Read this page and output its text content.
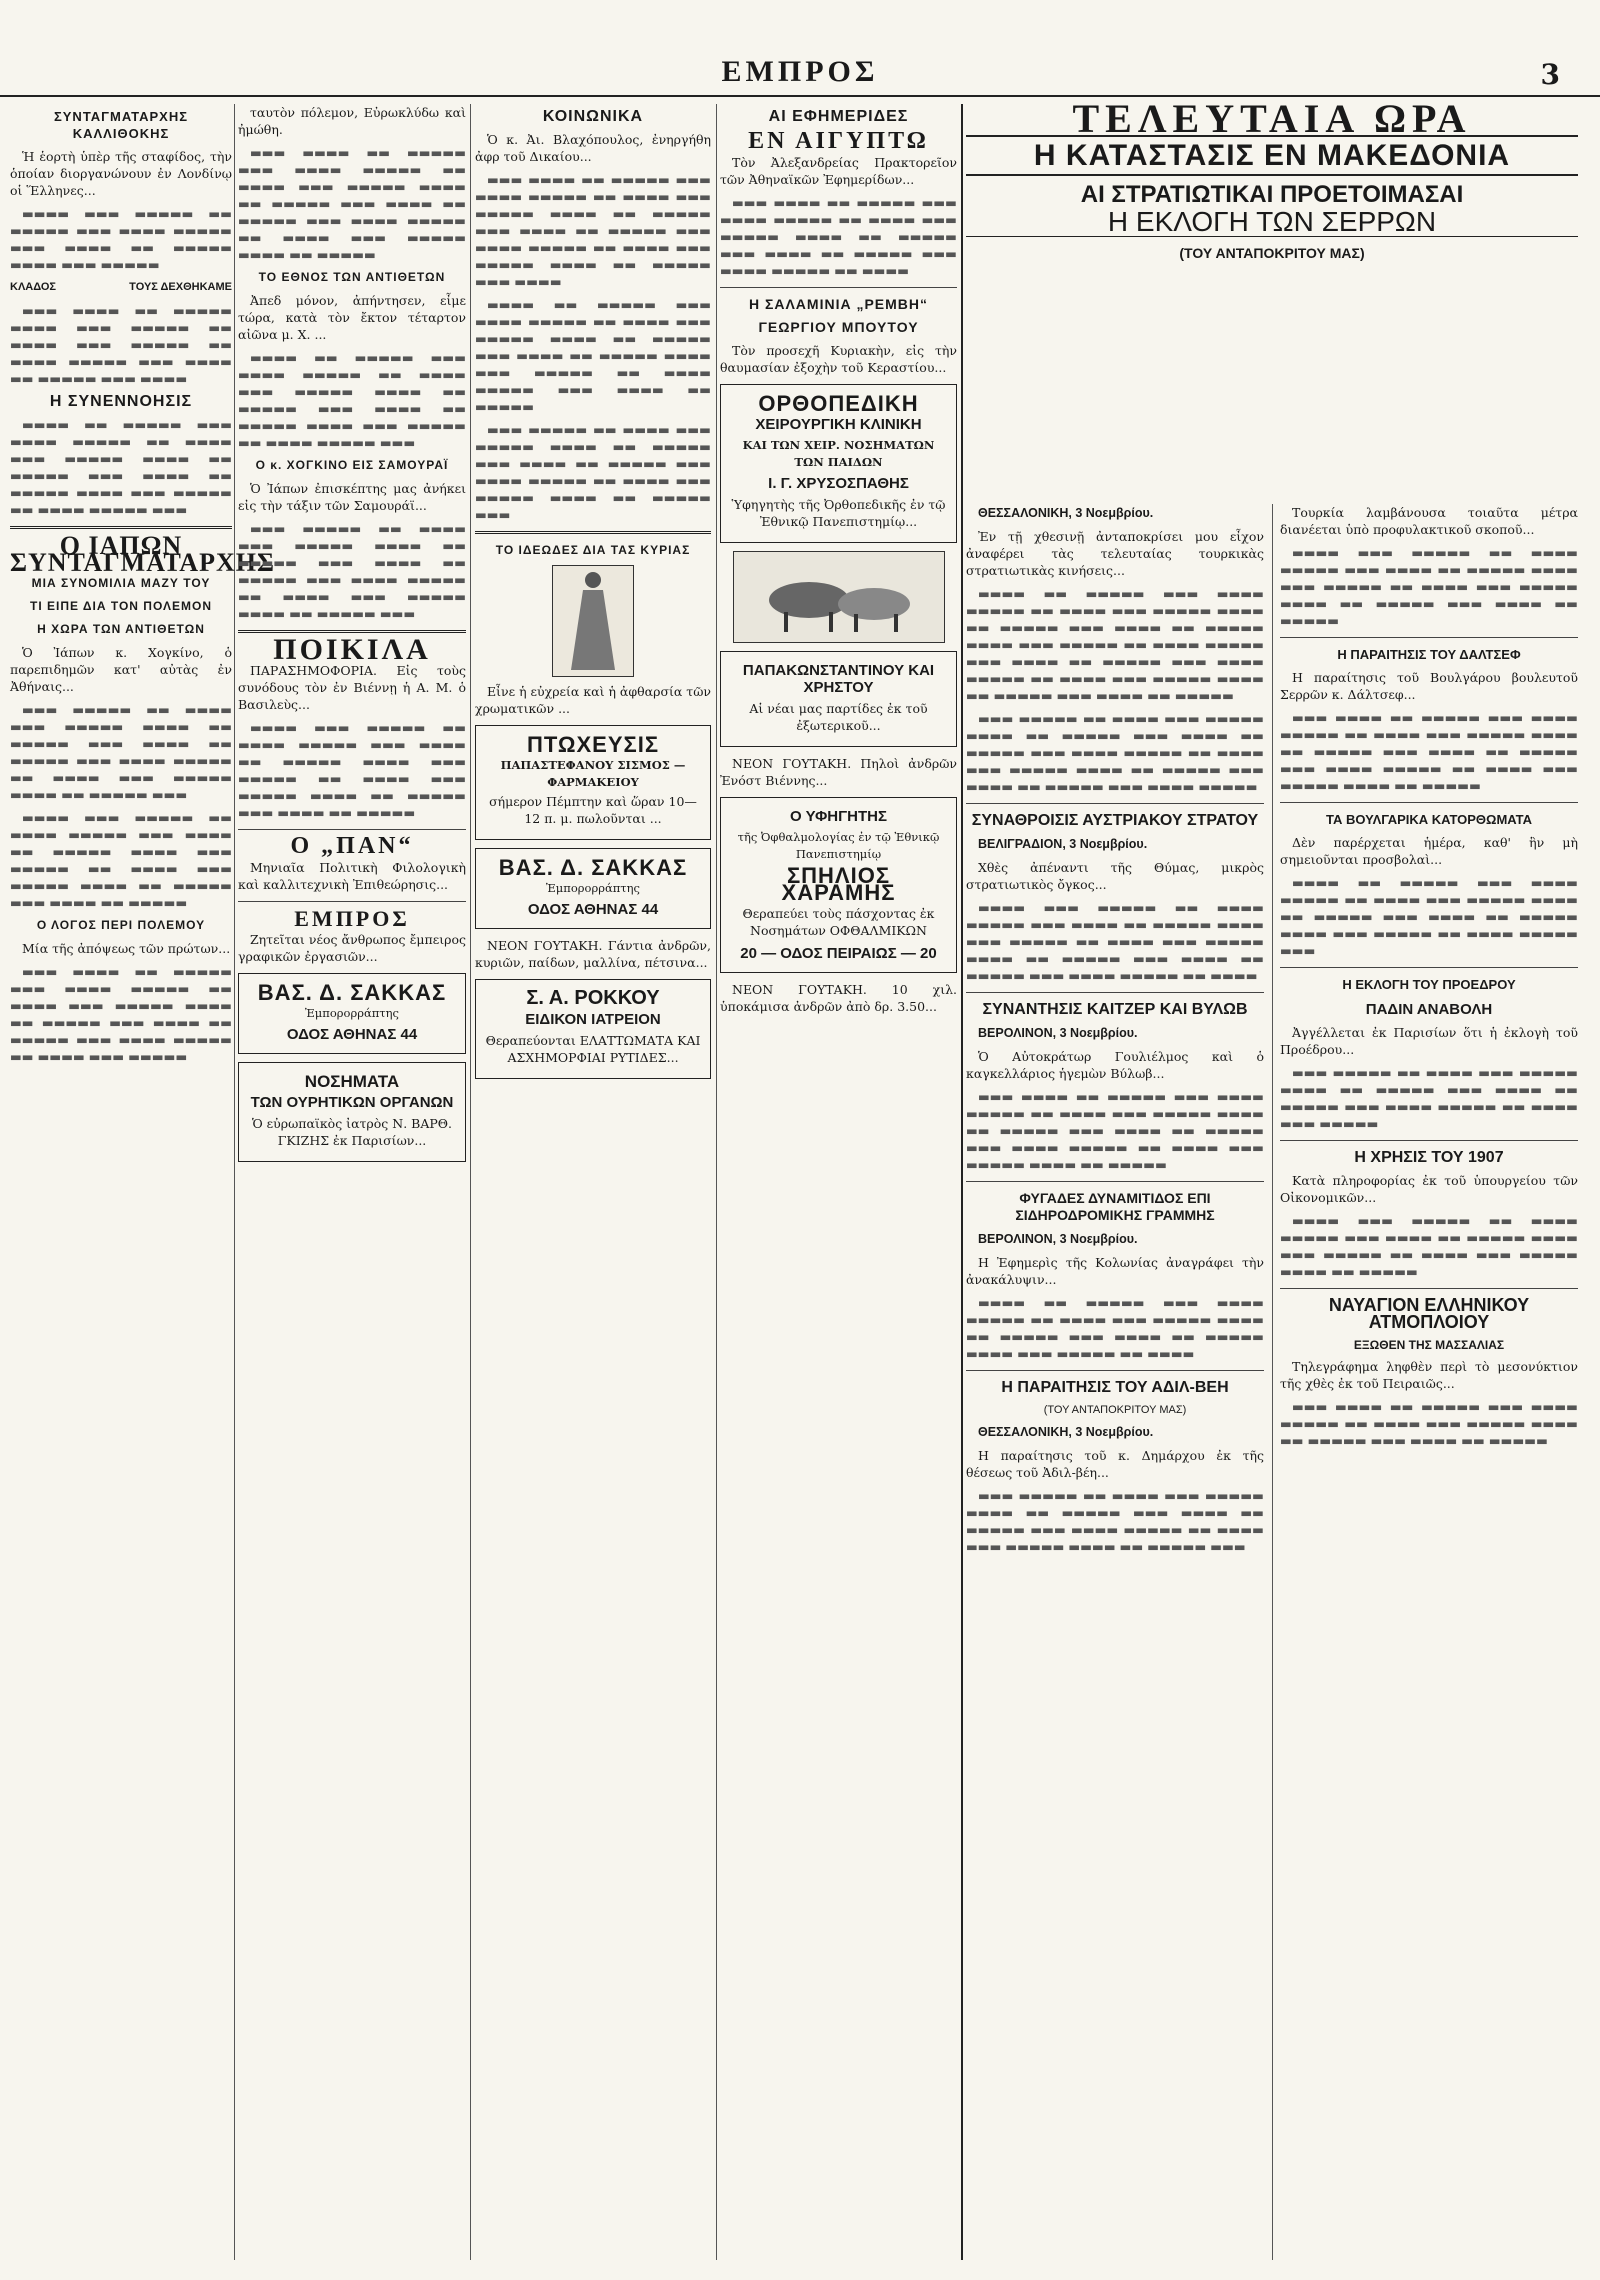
ΕΜΠΡΟΣ	3
ΣΥΝΤΑΓΜΑΤΑΡΧΗΣ ΚΑΛΛΙΘΟΚΗΣ

Ἡ ἑορτὴ ὑπὲρ τῆς σταφίδος, τὴν ὁποίαν διοργανώνουν ἐν Λονδίνῳ οἱ Ἕλληνες...

▬▬▬▬ ▬▬▬ ▬▬▬▬▬ ▬▬ ▬▬▬▬▬ ▬▬▬ ▬▬▬▬ ▬▬▬▬▬ ▬▬▬ ▬▬▬▬ ▬▬ ▬▬▬▬▬ ▬▬▬▬ ▬▬▬ ▬▬▬▬▬

ΚΛΑΔΟΣ	ΤΟΥΣ ΔΕΧΘΗΚΑΜΕ

▬▬▬ ▬▬▬▬ ▬▬ ▬▬▬▬▬ ▬▬▬▬ ▬▬▬ ▬▬▬▬▬ ▬▬ ▬▬▬▬ ▬▬▬ ▬▬▬▬▬ ▬▬ ▬▬▬▬ ▬▬▬▬▬ ▬▬▬ ▬▬▬▬ ▬▬ ▬▬▬▬▬ ▬▬▬ ▬▬▬▬

Η ΣΥΝΕΝΝΟΗΣΙΣ

▬▬▬▬ ▬▬ ▬▬▬▬▬ ▬▬▬ ▬▬▬▬ ▬▬▬▬▬ ▬▬ ▬▬▬▬ ▬▬▬ ▬▬▬▬▬ ▬▬▬▬ ▬▬ ▬▬▬▬▬ ▬▬▬ ▬▬▬▬ ▬▬ ▬▬▬▬▬ ▬▬▬▬ ▬▬▬ ▬▬▬▬▬ ▬▬ ▬▬▬▬ ▬▬▬▬▬ ▬▬▬

Ο ΙΑΠΩΝ ΣΥΝΤΑΓΜΑΤΑΡΧΗΣ
ΜΙΑ ΣΥΝΟΜΙΛΙΑ ΜΑΖΥ ΤΟΥ
ΤΙ ΕΙΠΕ ΔΙΑ ΤΟΝ ΠΟΛΕΜΟΝ
Η ΧΩΡΑ ΤΩΝ ΑΝΤΙΘΕΤΩΝ

Ὁ Ἰάπων κ. Χογκίνο, ὁ παρεπιδημῶν κατ' αὐτὰς ἐν Ἀθήναις...

▬▬▬ ▬▬▬▬▬ ▬▬ ▬▬▬▬ ▬▬▬ ▬▬▬▬▬ ▬▬▬▬ ▬▬ ▬▬▬▬▬ ▬▬▬ ▬▬▬▬ ▬▬ ▬▬▬▬▬ ▬▬▬ ▬▬▬▬ ▬▬▬▬▬ ▬▬ ▬▬▬▬ ▬▬▬ ▬▬▬▬▬ ▬▬▬▬ ▬▬ ▬▬▬▬▬ ▬▬▬

▬▬▬▬ ▬▬▬ ▬▬▬▬▬ ▬▬ ▬▬▬▬ ▬▬▬▬▬ ▬▬▬ ▬▬▬▬ ▬▬ ▬▬▬▬▬ ▬▬▬▬ ▬▬▬ ▬▬▬▬▬ ▬▬ ▬▬▬▬ ▬▬▬ ▬▬▬▬▬ ▬▬▬▬ ▬▬ ▬▬▬▬▬ ▬▬▬ ▬▬▬▬ ▬▬ ▬▬▬▬▬

Ο ΛΟΓΟΣ ΠΕΡΙ ΠΟΛΕΜΟΥ

Μία τῆς ἀπόψεως τῶν πρώτων...

▬▬▬ ▬▬▬▬ ▬▬ ▬▬▬▬▬ ▬▬▬ ▬▬▬▬ ▬▬▬▬▬ ▬▬ ▬▬▬▬ ▬▬▬ ▬▬▬▬▬ ▬▬▬▬ ▬▬ ▬▬▬▬▬ ▬▬▬ ▬▬▬▬ ▬▬ ▬▬▬▬▬ ▬▬▬ ▬▬▬▬ ▬▬▬▬▬ ▬▬ ▬▬▬▬ ▬▬▬ ▬▬▬▬▬

ταυτὸν πόλεμον, Εὐρωκλύδω καὶ ἠμώθη.

▬▬▬ ▬▬▬▬ ▬▬ ▬▬▬▬▬ ▬▬▬ ▬▬▬▬ ▬▬▬▬▬ ▬▬ ▬▬▬▬ ▬▬▬ ▬▬▬▬▬ ▬▬▬▬ ▬▬ ▬▬▬▬▬ ▬▬▬ ▬▬▬▬ ▬▬ ▬▬▬▬▬ ▬▬▬ ▬▬▬▬ ▬▬▬▬▬ ▬▬ ▬▬▬▬ ▬▬▬ ▬▬▬▬▬ ▬▬▬▬ ▬▬ ▬▬▬▬▬

ΤΟ ΕΘΝΟΣ ΤΩΝ ΑΝΤΙΘΕΤΩΝ

Ἀπεδ μόνον, ἀπήντησεν, εἶμε τώρα, κατὰ τὸν ἔκτον τέταρτον αἰῶνα μ. Χ. ...

▬▬▬▬ ▬▬ ▬▬▬▬▬ ▬▬▬ ▬▬▬▬ ▬▬▬▬▬ ▬▬ ▬▬▬▬ ▬▬▬ ▬▬▬▬▬ ▬▬▬▬ ▬▬ ▬▬▬▬▬ ▬▬▬ ▬▬▬▬ ▬▬ ▬▬▬▬▬ ▬▬▬▬ ▬▬▬ ▬▬▬▬▬ ▬▬ ▬▬▬▬ ▬▬▬▬▬ ▬▬▬

Ο κ. ΧΟΓΚΙΝΟ ΕΙΣ ΣΑΜΟΥΡΑΪ

Ὁ Ἰάπων ἐπισκέπτης μας ἀνήκει εἰς τὴν τάξιν τῶν Σαμουράϊ...

▬▬▬ ▬▬▬▬▬ ▬▬ ▬▬▬▬ ▬▬▬ ▬▬▬▬▬ ▬▬▬▬ ▬▬ ▬▬▬▬▬ ▬▬▬ ▬▬▬▬ ▬▬ ▬▬▬▬▬ ▬▬▬ ▬▬▬▬ ▬▬▬▬▬ ▬▬ ▬▬▬▬ ▬▬▬ ▬▬▬▬▬ ▬▬▬▬ ▬▬ ▬▬▬▬▬ ▬▬▬

ΠΟΙΚΙΛΑ

ΠΑΡΑΣΗΜΟΦΟΡΙΑ. Εἰς τοὺς συνόδους τὸν ἐν Βιέννῃ ἡ Α. Μ. ὁ Βασιλεὺς...

▬▬▬▬ ▬▬▬ ▬▬▬▬▬ ▬▬ ▬▬▬▬ ▬▬▬▬▬ ▬▬▬ ▬▬▬▬ ▬▬ ▬▬▬▬▬ ▬▬▬▬ ▬▬▬ ▬▬▬▬▬ ▬▬ ▬▬▬▬ ▬▬▬ ▬▬▬▬▬ ▬▬▬▬ ▬▬ ▬▬▬▬▬ ▬▬▬ ▬▬▬▬ ▬▬ ▬▬▬▬▬

Ο „ΠΑΝ“

Μηνιαῖα Πολιτικὴ Φιλολογικὴ καὶ καλλιτεχνικὴ Ἐπιθεώρησις...

ΕΜΠΡΟΣ

Ζητεῖται νέος ἄνθρωπος ἔμπειρος γραφικῶν ἐργασιῶν...

ΒΑΣ. Δ. ΣΑΚΚΑΣ
Ἐμπορορράπτης
ΟΔΟΣ ΑΘΗΝΑΣ 44
ΝΟΣΗΜΑΤΑ
ΤΩΝ ΟΥΡΗΤΙΚΩΝ ΟΡΓΑΝΩΝ

Ὁ εὐρωπαϊκὸς ἰατρὸς Ν. ΒΑΡΘ. ΓΚΙΖΗΣ ἐκ Παρισίων...

ΚΟΙΝΩΝΙΚΑ

Ὁ κ. Ἀι. Βλαχόπουλος, ἐνηργήθη ἀφρ τοῦ Δικαίου...

▬▬▬ ▬▬▬▬ ▬▬ ▬▬▬▬▬ ▬▬▬ ▬▬▬▬ ▬▬▬▬▬ ▬▬ ▬▬▬▬ ▬▬▬ ▬▬▬▬▬ ▬▬▬▬ ▬▬ ▬▬▬▬▬ ▬▬▬ ▬▬▬▬ ▬▬ ▬▬▬▬▬ ▬▬▬ ▬▬▬▬ ▬▬▬▬▬ ▬▬ ▬▬▬▬ ▬▬▬ ▬▬▬▬▬ ▬▬▬▬ ▬▬ ▬▬▬▬▬ ▬▬▬ ▬▬▬▬

▬▬▬▬ ▬▬ ▬▬▬▬▬ ▬▬▬ ▬▬▬▬ ▬▬▬▬▬ ▬▬ ▬▬▬▬ ▬▬▬ ▬▬▬▬▬ ▬▬▬▬ ▬▬ ▬▬▬▬▬ ▬▬▬ ▬▬▬▬ ▬▬ ▬▬▬▬▬ ▬▬▬▬ ▬▬▬ ▬▬▬▬▬ ▬▬ ▬▬▬▬ ▬▬▬▬▬ ▬▬▬ ▬▬▬▬ ▬▬ ▬▬▬▬▬

▬▬▬ ▬▬▬▬▬ ▬▬ ▬▬▬▬ ▬▬▬ ▬▬▬▬▬ ▬▬▬▬ ▬▬ ▬▬▬▬▬ ▬▬▬ ▬▬▬▬ ▬▬ ▬▬▬▬▬ ▬▬▬ ▬▬▬▬ ▬▬▬▬▬ ▬▬ ▬▬▬▬ ▬▬▬ ▬▬▬▬▬ ▬▬▬▬ ▬▬ ▬▬▬▬▬ ▬▬▬

ΤΟ ΙΔΕΩΔΕΣ ΔΙΑ ΤΑΣ ΚΥΡΙΑΣ

Εἶνε ἡ εὐχρεία καὶ ἡ ἀφθαρσία τῶν χρωματικῶν ...

ΠΤΩΧΕΥΣΙΣ
ΠΑΠΑΣΤΕΦΑΝΟΥ ΣΙΣΜΟΣ — ΦΑΡΜΑΚΕΙΟΥ

σήμερον Πέμπτην καὶ ὥραν 10—12 π. μ. πωλοῦνται ...

ΒΑΣ. Δ. ΣΑΚΚΑΣ
Ἐμπορορράπτης
ΟΔΟΣ ΑΘΗΝΑΣ 44

ΝΕΟΝ ΓΟΥΤΑΚΗ. Γάντια ἀνδρῶν, κυριῶν, παίδων, μαλλίνα, πέτσινα...

Σ. Α. ΡΟΚΚΟΥ
ΕΙΔΙΚΟΝ ΙΑΤΡΕΙΟΝ

Θεραπεύονται ΕΛΑΤΤΩΜΑΤΑ ΚΑΙ ΑΣΧΗΜΟΡΦΙΑΙ ΡΥΤΙΔΕΣ...

ΑΙ ΕΦΗΜΕΡΙΔΕΣ
ΕΝ ΑΙΓΥΠΤΩ

Τὸν Ἀλεξανδρείας Πρακτορεῖον τῶν Ἀθηναϊκῶν Ἐφημερίδων...

▬▬▬ ▬▬▬▬ ▬▬ ▬▬▬▬▬ ▬▬▬ ▬▬▬▬ ▬▬▬▬▬ ▬▬ ▬▬▬▬ ▬▬▬ ▬▬▬▬▬ ▬▬▬▬ ▬▬ ▬▬▬▬▬ ▬▬▬ ▬▬▬▬ ▬▬ ▬▬▬▬▬ ▬▬▬ ▬▬▬▬ ▬▬▬▬▬ ▬▬ ▬▬▬▬

Η ΣΑΛΑΜΙΝΙΑ „ΡΕΜΒΗ“
ΓΕΩΡΓΙΟΥ ΜΠΟΥΤΟΥ

Τὸν προσεχῆ Κυριακὴν, εἰς τὴν θαυμασίαν ἐξοχὴν τοῦ Κεραστίου...

ΟΡΘΟΠΕΔΙΚΗ
ΧΕΙΡΟΥΡΓΙΚΗ ΚΛΙΝΙΚΗ
ΚΑΙ ΤΩΝ ΧΕΙΡ. ΝΟΣΗΜΑΤΩΝ ΤΩΝ ΠΑΙΔΩΝ
Ι. Γ. ΧΡΥΣΟΣΠΑΘΗΣ

Ὑφηγητὴς τῆς Ὀρθοπεδικῆς ἐν τῷ Ἐθνικῷ Πανεπιστημίῳ...

ΠΑΠΑΚΩΝΣΤΑΝΤΙΝΟΥ ΚΑΙ ΧΡΗΣΤΟΥ

Αἱ νέαι μας παρτίδες ἐκ τοῦ ἐξωτερικοῦ...

ΝΕΟΝ ΓΟΥΤΑΚΗ. Πηλοὶ ἀνδρῶν Ἐνόστ Βιέννης...

Ο ΥΦΗΓΗΤΗΣ
τῆς Ὀφθαλμολογίας ἐν τῷ Ἐθνικῷ Πανεπιστημίῳ
ΣΠΗΛΙΟΣ ΧΑΡΑΜΗΣ

Θεραπεύει τοὺς πάσχοντας ἐκ Νοσημάτων ΟΦΘΑΛΜΙΚΩΝ

20 — ΟΔΟΣ ΠΕΙΡΑΙΩΣ — 20

ΝΕΟΝ ΓΟΥΤΑΚΗ. 10 χιλ. ὑποκάμισα ἀνδρῶν ἀπὸ δρ. 3.50...

ΤΕΛΕΥΤΑΙΑ ΩΡΑ
Η ΚΑΤΑΣΤΑΣΙΣ ΕΝ ΜΑΚΕΔΟΝΙΑ
ΑΙ ΣΤΡΑΤΙΩΤΙΚΑΙ ΠΡΟΕΤΟΙΜΑΣΑΙ
Η ΕΚΛΟΓΗ ΤΩΝ ΣΕΡΡΩΝ
(ΤΟΥ ΑΝΤΑΠΟΚΡΙΤΟΥ ΜΑΣ)

ΘΕΣΣΑΛΟΝΙΚΗ, 3 Νοεμβρίου.

Ἐν τῇ χθεσινῇ ἀνταποκρίσει μου εἶχον ἀναφέρει τὰς τελευταίας τουρκικὰς στρατιωτικὰς κινήσεις...

▬▬▬▬ ▬▬ ▬▬▬▬▬ ▬▬▬ ▬▬▬▬ ▬▬▬▬▬ ▬▬ ▬▬▬▬ ▬▬▬ ▬▬▬▬▬ ▬▬▬▬ ▬▬ ▬▬▬▬▬ ▬▬▬ ▬▬▬▬ ▬▬ ▬▬▬▬▬ ▬▬▬▬ ▬▬▬ ▬▬▬▬▬ ▬▬ ▬▬▬▬ ▬▬▬▬▬ ▬▬▬ ▬▬▬▬ ▬▬ ▬▬▬▬▬ ▬▬▬ ▬▬▬▬ ▬▬▬▬▬ ▬▬ ▬▬▬▬ ▬▬▬ ▬▬▬▬▬ ▬▬▬▬ ▬▬ ▬▬▬▬▬ ▬▬▬ ▬▬▬▬ ▬▬ ▬▬▬▬▬

▬▬▬ ▬▬▬▬▬ ▬▬ ▬▬▬▬ ▬▬▬ ▬▬▬▬▬ ▬▬▬▬ ▬▬ ▬▬▬▬▬ ▬▬▬ ▬▬▬▬ ▬▬ ▬▬▬▬▬ ▬▬▬ ▬▬▬▬ ▬▬▬▬▬ ▬▬ ▬▬▬▬ ▬▬▬ ▬▬▬▬▬ ▬▬▬▬ ▬▬ ▬▬▬▬▬ ▬▬▬ ▬▬▬▬ ▬▬ ▬▬▬▬▬ ▬▬▬ ▬▬▬▬ ▬▬▬▬▬

ΣΥΝΑΘΡΟΙΣΙΣ ΑΥΣΤΡΙΑΚΟΥ ΣΤΡΑΤΟΥ

ΒΕΛΙΓΡΑΔΙΟΝ, 3 Νοεμβρίου.

Χθὲς ἀπέναντι τῆς Θύμας, μικρὸς στρατιωτικὸς ὄγκος...

▬▬▬▬ ▬▬▬ ▬▬▬▬▬ ▬▬ ▬▬▬▬ ▬▬▬▬▬ ▬▬▬ ▬▬▬▬ ▬▬ ▬▬▬▬▬ ▬▬▬▬ ▬▬▬ ▬▬▬▬▬ ▬▬ ▬▬▬▬ ▬▬▬ ▬▬▬▬▬ ▬▬▬▬ ▬▬ ▬▬▬▬▬ ▬▬▬ ▬▬▬▬ ▬▬ ▬▬▬▬▬ ▬▬▬ ▬▬▬▬ ▬▬▬▬▬ ▬▬ ▬▬▬▬

ΣΥΝΑΝΤΗΣΙΣ ΚΑΙΤΖΕΡ ΚΑΙ ΒΥΛΩΒ

ΒΕΡΟΛΙΝΟΝ, 3 Νοεμβρίου.

Ὁ Αὐτοκράτωρ Γουλιέλμος καὶ ὁ καγκελλάριος ἡγεμὼν Βύλωβ...

▬▬▬ ▬▬▬▬ ▬▬ ▬▬▬▬▬ ▬▬▬ ▬▬▬▬ ▬▬▬▬▬ ▬▬ ▬▬▬▬ ▬▬▬ ▬▬▬▬▬ ▬▬▬▬ ▬▬ ▬▬▬▬▬ ▬▬▬ ▬▬▬▬ ▬▬ ▬▬▬▬▬ ▬▬▬ ▬▬▬▬ ▬▬▬▬▬ ▬▬ ▬▬▬▬ ▬▬▬ ▬▬▬▬▬ ▬▬▬▬ ▬▬ ▬▬▬▬▬

ΦΥΓΑΔΕΣ ΔΥΝΑΜΙΤΙΔΟΣ ΕΠΙ ΣΙΔΗΡΟΔΡΟΜΙΚΗΣ ΓΡΑΜΜΗΣ

ΒΕΡΟΛΙΝΟΝ, 3 Νοεμβρίου.

Η Ἐφημερὶς τῆς Κολωνίας ἀναγράφει τὴν ἀνακάλυψιν...

▬▬▬▬ ▬▬ ▬▬▬▬▬ ▬▬▬ ▬▬▬▬ ▬▬▬▬▬ ▬▬ ▬▬▬▬ ▬▬▬ ▬▬▬▬▬ ▬▬▬▬ ▬▬ ▬▬▬▬▬ ▬▬▬ ▬▬▬▬ ▬▬ ▬▬▬▬▬ ▬▬▬▬ ▬▬▬ ▬▬▬▬▬ ▬▬ ▬▬▬▬

Η ΠΑΡΑΙΤΗΣΙΣ ΤΟΥ ΑΔΙΛ-ΒΕΗ
(ΤΟΥ ΑΝΤΑΠΟΚΡΙΤΟΥ ΜΑΣ)

ΘΕΣΣΑΛΟΝΙΚΗ, 3 Νοεμβρίου.

Η παραίτησις τοῦ κ. Δημάρχου ἐκ τῆς θέσεως τοῦ Ἀδιλ-βέη...

▬▬▬ ▬▬▬▬▬ ▬▬ ▬▬▬▬ ▬▬▬ ▬▬▬▬▬ ▬▬▬▬ ▬▬ ▬▬▬▬▬ ▬▬▬ ▬▬▬▬ ▬▬ ▬▬▬▬▬ ▬▬▬ ▬▬▬▬ ▬▬▬▬▬ ▬▬ ▬▬▬▬ ▬▬▬ ▬▬▬▬▬ ▬▬▬▬ ▬▬ ▬▬▬▬▬ ▬▬▬

Τουρκία λαμβάνουσα τοιαῦτα μέτρα διανέεται ὑπὸ προφυλακτικοῦ σκοποῦ...

▬▬▬▬ ▬▬▬ ▬▬▬▬▬ ▬▬ ▬▬▬▬ ▬▬▬▬▬ ▬▬▬ ▬▬▬▬ ▬▬ ▬▬▬▬▬ ▬▬▬▬ ▬▬▬ ▬▬▬▬▬ ▬▬ ▬▬▬▬ ▬▬▬ ▬▬▬▬▬ ▬▬▬▬ ▬▬ ▬▬▬▬▬ ▬▬▬ ▬▬▬▬ ▬▬ ▬▬▬▬▬

Η ΠΑΡΑΙΤΗΣΙΣ ΤΟΥ ΔΑΛΤΣΕΦ

Η παραίτησις τοῦ Βουλγάρου βουλευτοῦ Σερρῶν κ. Δάλτσεφ...

▬▬▬ ▬▬▬▬ ▬▬ ▬▬▬▬▬ ▬▬▬ ▬▬▬▬ ▬▬▬▬▬ ▬▬ ▬▬▬▬ ▬▬▬ ▬▬▬▬▬ ▬▬▬▬ ▬▬ ▬▬▬▬▬ ▬▬▬ ▬▬▬▬ ▬▬ ▬▬▬▬▬ ▬▬▬ ▬▬▬▬ ▬▬▬▬▬ ▬▬ ▬▬▬▬ ▬▬▬ ▬▬▬▬▬ ▬▬▬▬ ▬▬ ▬▬▬▬▬

ΤΑ ΒΟΥΛΓΑΡΙΚΑ ΚΑΤΟΡΘΩΜΑΤΑ

Δὲν παρέρχεται ἡμέρα, καθ' ἣν μὴ σημειοῦνται προσβολαὶ...

▬▬▬▬ ▬▬ ▬▬▬▬▬ ▬▬▬ ▬▬▬▬ ▬▬▬▬▬ ▬▬ ▬▬▬▬ ▬▬▬ ▬▬▬▬▬ ▬▬▬▬ ▬▬ ▬▬▬▬▬ ▬▬▬ ▬▬▬▬ ▬▬ ▬▬▬▬▬ ▬▬▬▬ ▬▬▬ ▬▬▬▬▬ ▬▬ ▬▬▬▬ ▬▬▬▬▬ ▬▬▬

Η ΕΚΛΟΓΗ ΤΟΥ ΠΡΟΕΔΡΟΥ
ΠΑΔΙΝ ΑΝΑΒΟΛΗ

Ἀγγέλλεται ἐκ Παρισίων ὅτι ἡ ἐκλογὴ τοῦ Προέδρου...

▬▬▬ ▬▬▬▬▬ ▬▬ ▬▬▬▬ ▬▬▬ ▬▬▬▬▬ ▬▬▬▬ ▬▬ ▬▬▬▬▬ ▬▬▬ ▬▬▬▬ ▬▬ ▬▬▬▬▬ ▬▬▬ ▬▬▬▬ ▬▬▬▬▬ ▬▬ ▬▬▬▬ ▬▬▬ ▬▬▬▬▬

Η ΧΡΗΣΙΣ ΤΟΥ 1907

Κατὰ πληροφορίας ἐκ τοῦ ὑπουργείου τῶν Οἰκονομικῶν...

▬▬▬▬ ▬▬▬ ▬▬▬▬▬ ▬▬ ▬▬▬▬ ▬▬▬▬▬ ▬▬▬ ▬▬▬▬ ▬▬ ▬▬▬▬▬ ▬▬▬▬ ▬▬▬ ▬▬▬▬▬ ▬▬ ▬▬▬▬ ▬▬▬ ▬▬▬▬▬ ▬▬▬▬ ▬▬ ▬▬▬▬▬

ΝΑΥΑΓΙΟΝ ΕΛΛΗΝΙΚΟΥ ΑΤΜΟΠΛΟΙΟΥ
ΕΞΩΘΕΝ ΤΗΣ ΜΑΣΣΑΛΙΑΣ

Τηλεγράφημα ληφθὲν περὶ τὸ μεσονύκτιον τῆς χθὲς ἐκ τοῦ Πειραιῶς...

▬▬▬ ▬▬▬▬ ▬▬ ▬▬▬▬▬ ▬▬▬ ▬▬▬▬ ▬▬▬▬▬ ▬▬ ▬▬▬▬ ▬▬▬ ▬▬▬▬▬ ▬▬▬▬ ▬▬ ▬▬▬▬▬ ▬▬▬ ▬▬▬▬ ▬▬ ▬▬▬▬▬
